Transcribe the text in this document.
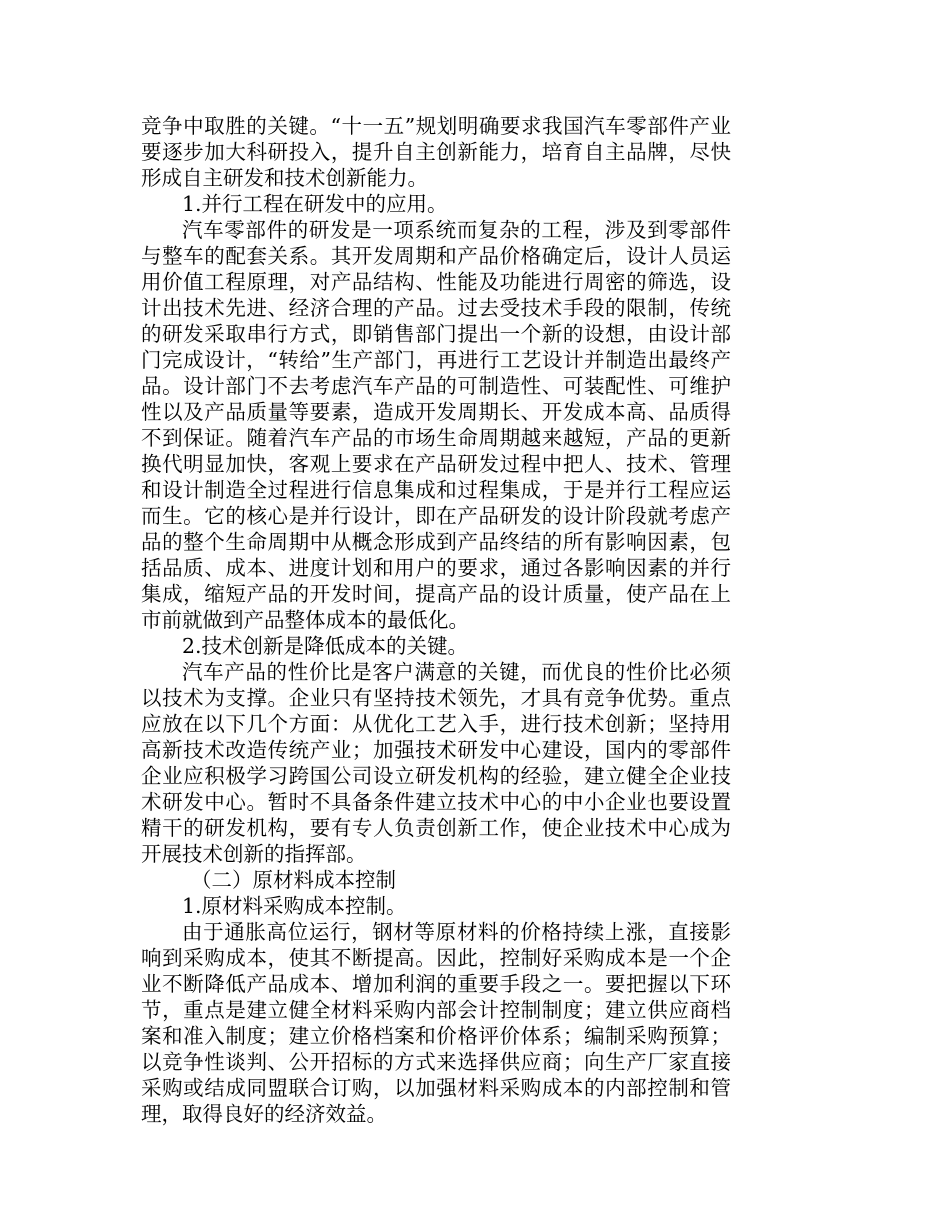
竞争中取胜的关键。“十一五”规划明确要求我国汽车零部件产业要逐步加大科研投入，提升自主创新能力，培育自主品牌，尽快形成自主研发和技术创新能力。

1.并行工程在研发中的应用。

汽车零部件的研发是一项系统而复杂的工程，涉及到零部件与整车的配套关系。其开发周期和产品价格确定后，设计人员运用价值工程原理，对产品结构、性能及功能进行周密的筛选，设计出技术先进、经济合理的产品。过去受技术手段的限制，传统的研发采取串行方式，即销售部门提出一个新的设想，由设计部门完成设计，“转给”生产部门，再进行工艺设计并制造出最终产品。设计部门不去考虑汽车产品的可制造性、可装配性、可维护性以及产品质量等要素，造成开发周期长、开发成本高、品质得不到保证。随着汽车产品的市场生命周期越来越短，产品的更新换代明显加快，客观上要求在产品研发过程中把人、技术、管理和设计制造全过程进行信息集成和过程集成，于是并行工程应运而生。它的核心是并行设计，即在产品研发的设计阶段就考虑产品的整个生命周期中从概念形成到产品终结的所有影响因素，包括品质、成本、进度计划和用户的要求，通过各影响因素的并行集成，缩短产品的开发时间，提高产品的设计质量，使产品在上市前就做到产品整体成本的最低化。

2.技术创新是降低成本的关键。

汽车产品的性价比是客户满意的关键，而优良的性价比必须以技术为支撑。企业只有坚持技术领先，才具有竞争优势。重点应放在以下几个方面：从优化工艺入手，进行技术创新；坚持用高新技术改造传统产业；加强技术研发中心建设，国内的零部件企业应积极学习跨国公司设立研发机构的经验，建立健全企业技术研发中心。暂时不具备条件建立技术中心的中小企业也要设置精干的研发机构，要有专人负责创新工作，使企业技术中心成为开展技术创新的指挥部。

（二）原材料成本控制

1.原材料采购成本控制。

由于通胀高位运行，钢材等原材料的价格持续上涨，直接影响到采购成本，使其不断提高。因此，控制好采购成本是一个企业不断降低产品成本、增加利润的重要手段之一。要把握以下环节，重点是建立健全材料采购内部会计控制制度；建立供应商档案和准入制度；建立价格档案和价格评价体系；编制采购预算；以竞争性谈判、公开招标的方式来选择供应商；向生产厂家直接采购或结成同盟联合订购，以加强材料采购成本的内部控制和管理，取得良好的经济效益。
